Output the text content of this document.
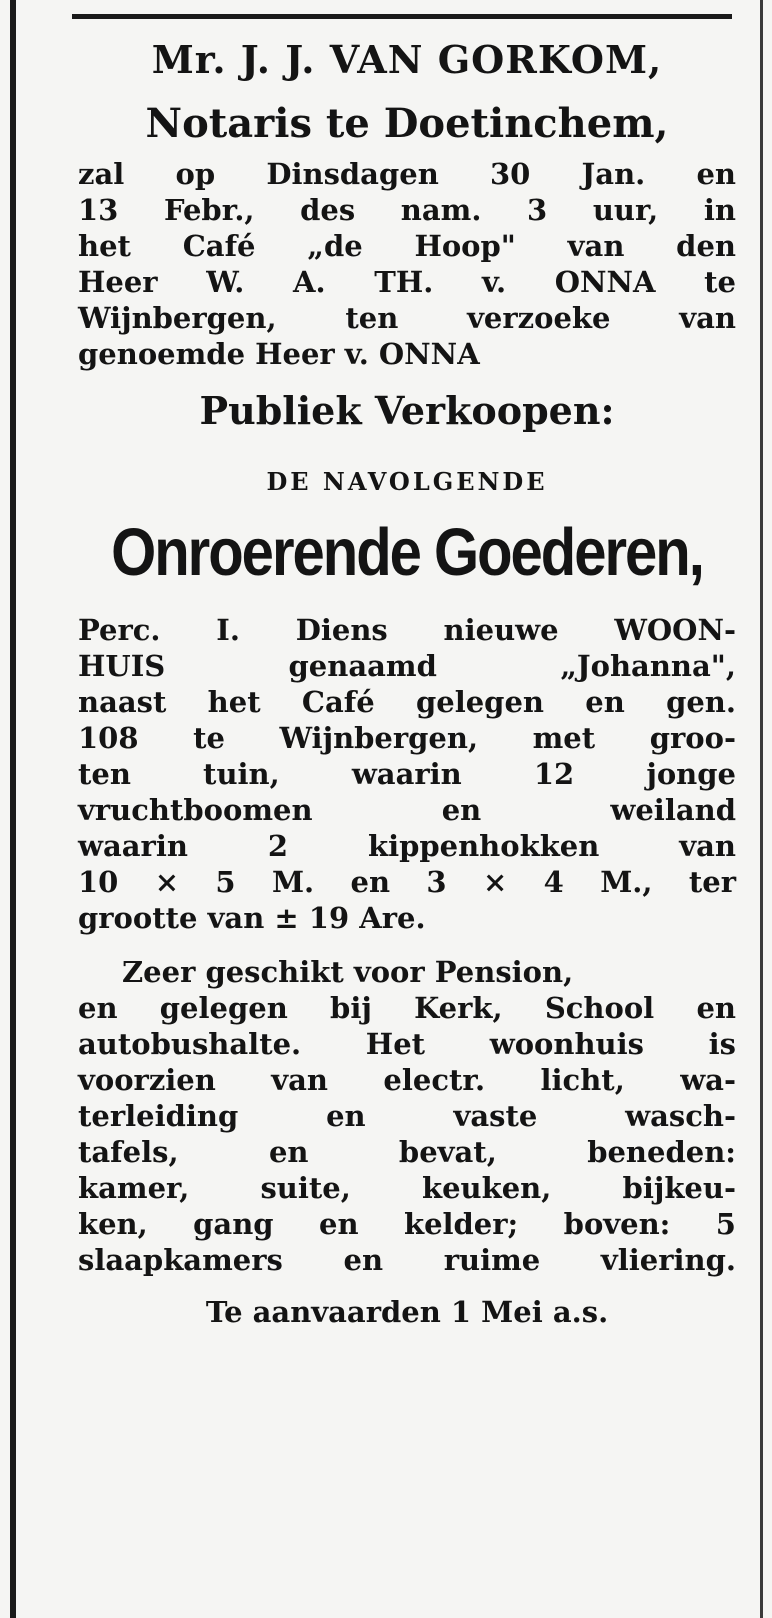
Mr. J. J. VAN GORKOM,
Notaris te Doetinchem,
zal op Dinsdagen 30 Jan. en
13 Febr., des nam. 3 uur, in
het Café „de Hoop" van den
Heer W. A. TH. v. ONNA te
Wijnbergen, ten verzoeke van
genoemde Heer v. ONNA
Publiek Verkoopen:
DE NAVOLGENDE
Onroerende Goederen,
Perc. I. Diens nieuwe WOON-
HUIS genaamd „Johanna",
naast het Café gelegen en gen.
108 te Wijnbergen, met groo-
ten tuin, waarin 12 jonge
vruchtboomen en weiland
waarin 2 kippenhokken van
10 × 5 M. en 3 × 4 M., ter
grootte van ± 19 Are.
Zeer geschikt voor Pension,
en gelegen bij Kerk, School en
autobushalte. Het woonhuis is
voorzien van electr. licht, wa-
terleiding en vaste wasch-
tafels, en bevat, beneden:
kamer, suite, keuken, bijkeu-
ken, gang en kelder; boven: 5
slaapkamers en ruime vliering.
Te aanvaarden 1 Mei a.s.
